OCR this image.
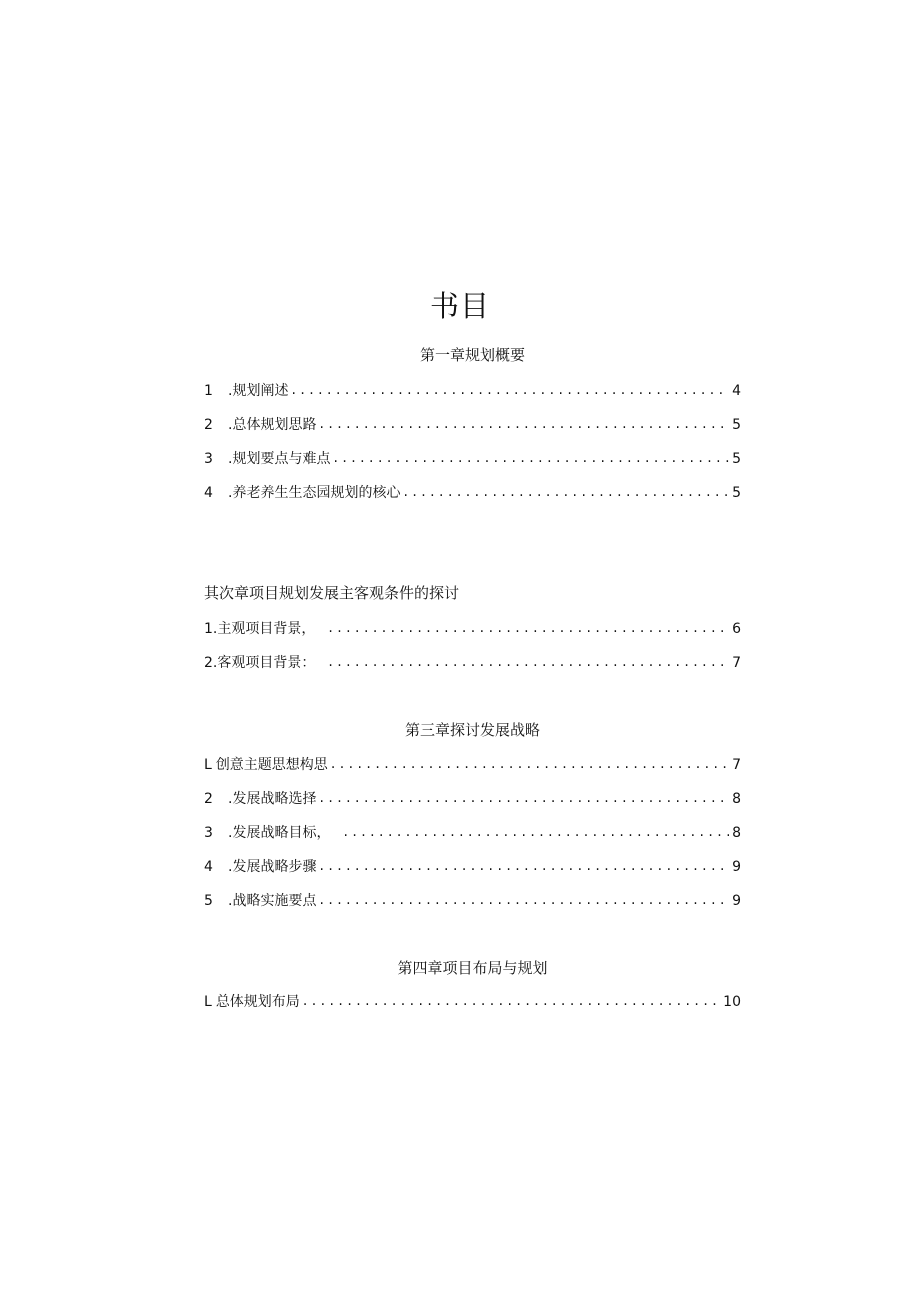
书目
第一章规划概要
1	.规划阐述 . . .	4
2	.总体规划思路 . . .	5
3	.规划要点与难点 . . .	5
4	.养老养生生态园规划的核心 . . .	5
其次章项目规划发展主客观条件的探讨
1. 主观项目背景， . . .	6
2. 客观项目背景： . . .	7
第三章探讨发展战略
L 创意主题思想构思 . . .	7
2	.发展战略选择 . . .	8
3	.发展战略目标， . . .	8
4	.发展战略步骤 . . .	9
5	.战略实施要点 . . .	9
第四章项目布局与规划
L 总体规划布局 . . .	10
